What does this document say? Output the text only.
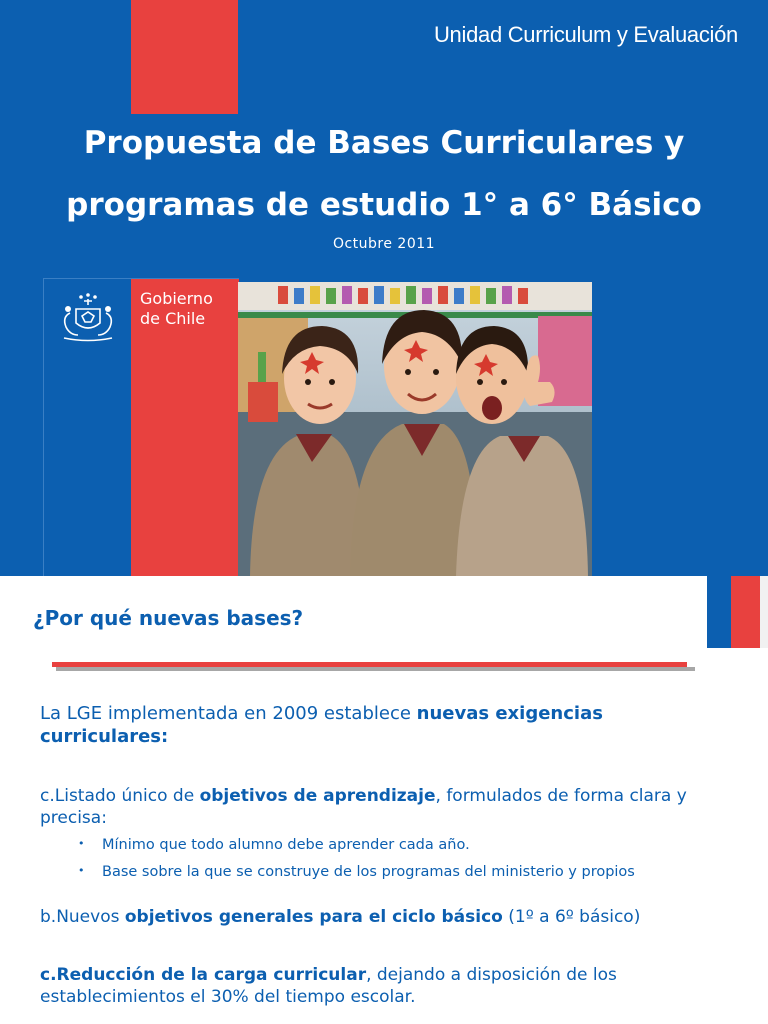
Unidad Curriculum y Evaluación
Propuesta de Bases Curriculares y
programas de estudio 1° a 6° Básico
Octubre 2011
Gobierno
de Chile
¿Por qué nuevas bases?
La LGE implementada en 2009 establece nuevas exigencias curriculares:
c.Listado único de objetivos de aprendizaje, formulados de forma clara y precisa:
• Mínimo que todo alumno debe aprender cada año.
• Base sobre la que se construye de los programas del ministerio y propios
b.Nuevos objetivos generales para el ciclo básico (1º a 6º básico)
c.Reducción de la carga curricular, dejando a disposición de los establecimientos el 30% del tiempo escolar.
